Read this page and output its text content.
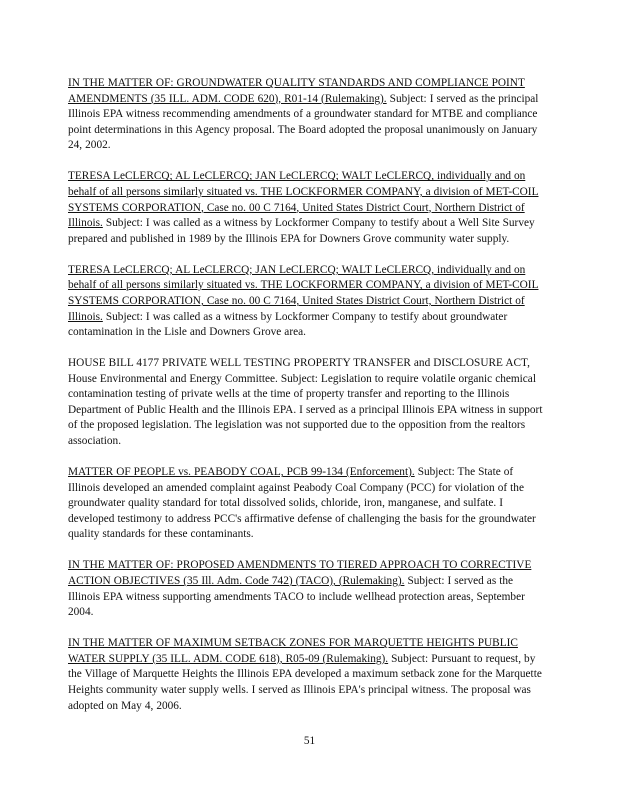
IN THE MATTER OF: GROUNDWATER QUALITY STANDARDS AND COMPLIANCE POINT AMENDMENTS (35 ILL. ADM. CODE 620), R01-14 (Rulemaking). Subject: I served as the principal Illinois EPA witness recommending amendments of a groundwater standard for MTBE and compliance point determinations in this Agency proposal. The Board adopted the proposal unanimously on January 24, 2002.

TERESA LeCLERCQ; AL LeCLERCQ; JAN LeCLERCQ; WALT LeCLERCQ, individually and on behalf of all persons similarly situated vs. THE LOCKFORMER COMPANY, a division of MET-COIL SYSTEMS CORPORATION, Case no. 00 C 7164, United States District Court, Northern District of Illinois. Subject: I was called as a witness by Lockformer Company to testify about a Well Site Survey prepared and published in 1989 by the Illinois EPA for Downers Grove community water supply.

TERESA LeCLERCQ; AL LeCLERCQ; JAN LeCLERCQ; WALT LeCLERCQ, individually and on behalf of all persons similarly situated vs. THE LOCKFORMER COMPANY, a division of MET-COIL SYSTEMS CORPORATION, Case no. 00 C 7164, United States District Court, Northern District of Illinois. Subject: I was called as a witness by Lockformer Company to testify about groundwater contamination in the Lisle and Downers Grove area.

HOUSE BILL 4177 PRIVATE WELL TESTING PROPERTY TRANSFER and DISCLOSURE ACT, House Environmental and Energy Committee. Subject: Legislation to require volatile organic chemical contamination testing of private wells at the time of property transfer and reporting to the Illinois Department of Public Health and the Illinois EPA. I served as a principal Illinois EPA witness in support of the proposed legislation. The legislation was not supported due to the opposition from the realtors association.

MATTER OF PEOPLE vs. PEABODY COAL, PCB 99-134 (Enforcement). Subject: The State of Illinois developed an amended complaint against Peabody Coal Company (PCC) for violation of the groundwater quality standard for total dissolved solids, chloride, iron, manganese, and sulfate. I developed testimony to address PCC's affirmative defense of challenging the basis for the groundwater quality standards for these contaminants.

IN THE MATTER OF: PROPOSED AMENDMENTS TO TIERED APPROACH TO CORRECTIVE ACTION OBJECTIVES (35 Ill. Adm. Code 742) (TACO), (Rulemaking). Subject: I served as the Illinois EPA witness supporting amendments TACO to include wellhead protection areas, September 2004.

IN THE MATTER OF MAXIMUM SETBACK ZONES FOR MARQUETTE HEIGHTS PUBLIC WATER SUPPLY (35 ILL. ADM. CODE 618), R05-09 (Rulemaking). Subject: Pursuant to request, by the Village of Marquette Heights the Illinois EPA developed a maximum setback zone for the Marquette Heights community water supply wells. I served as Illinois EPA's principal witness. The proposal was adopted on May 4, 2006.

51
